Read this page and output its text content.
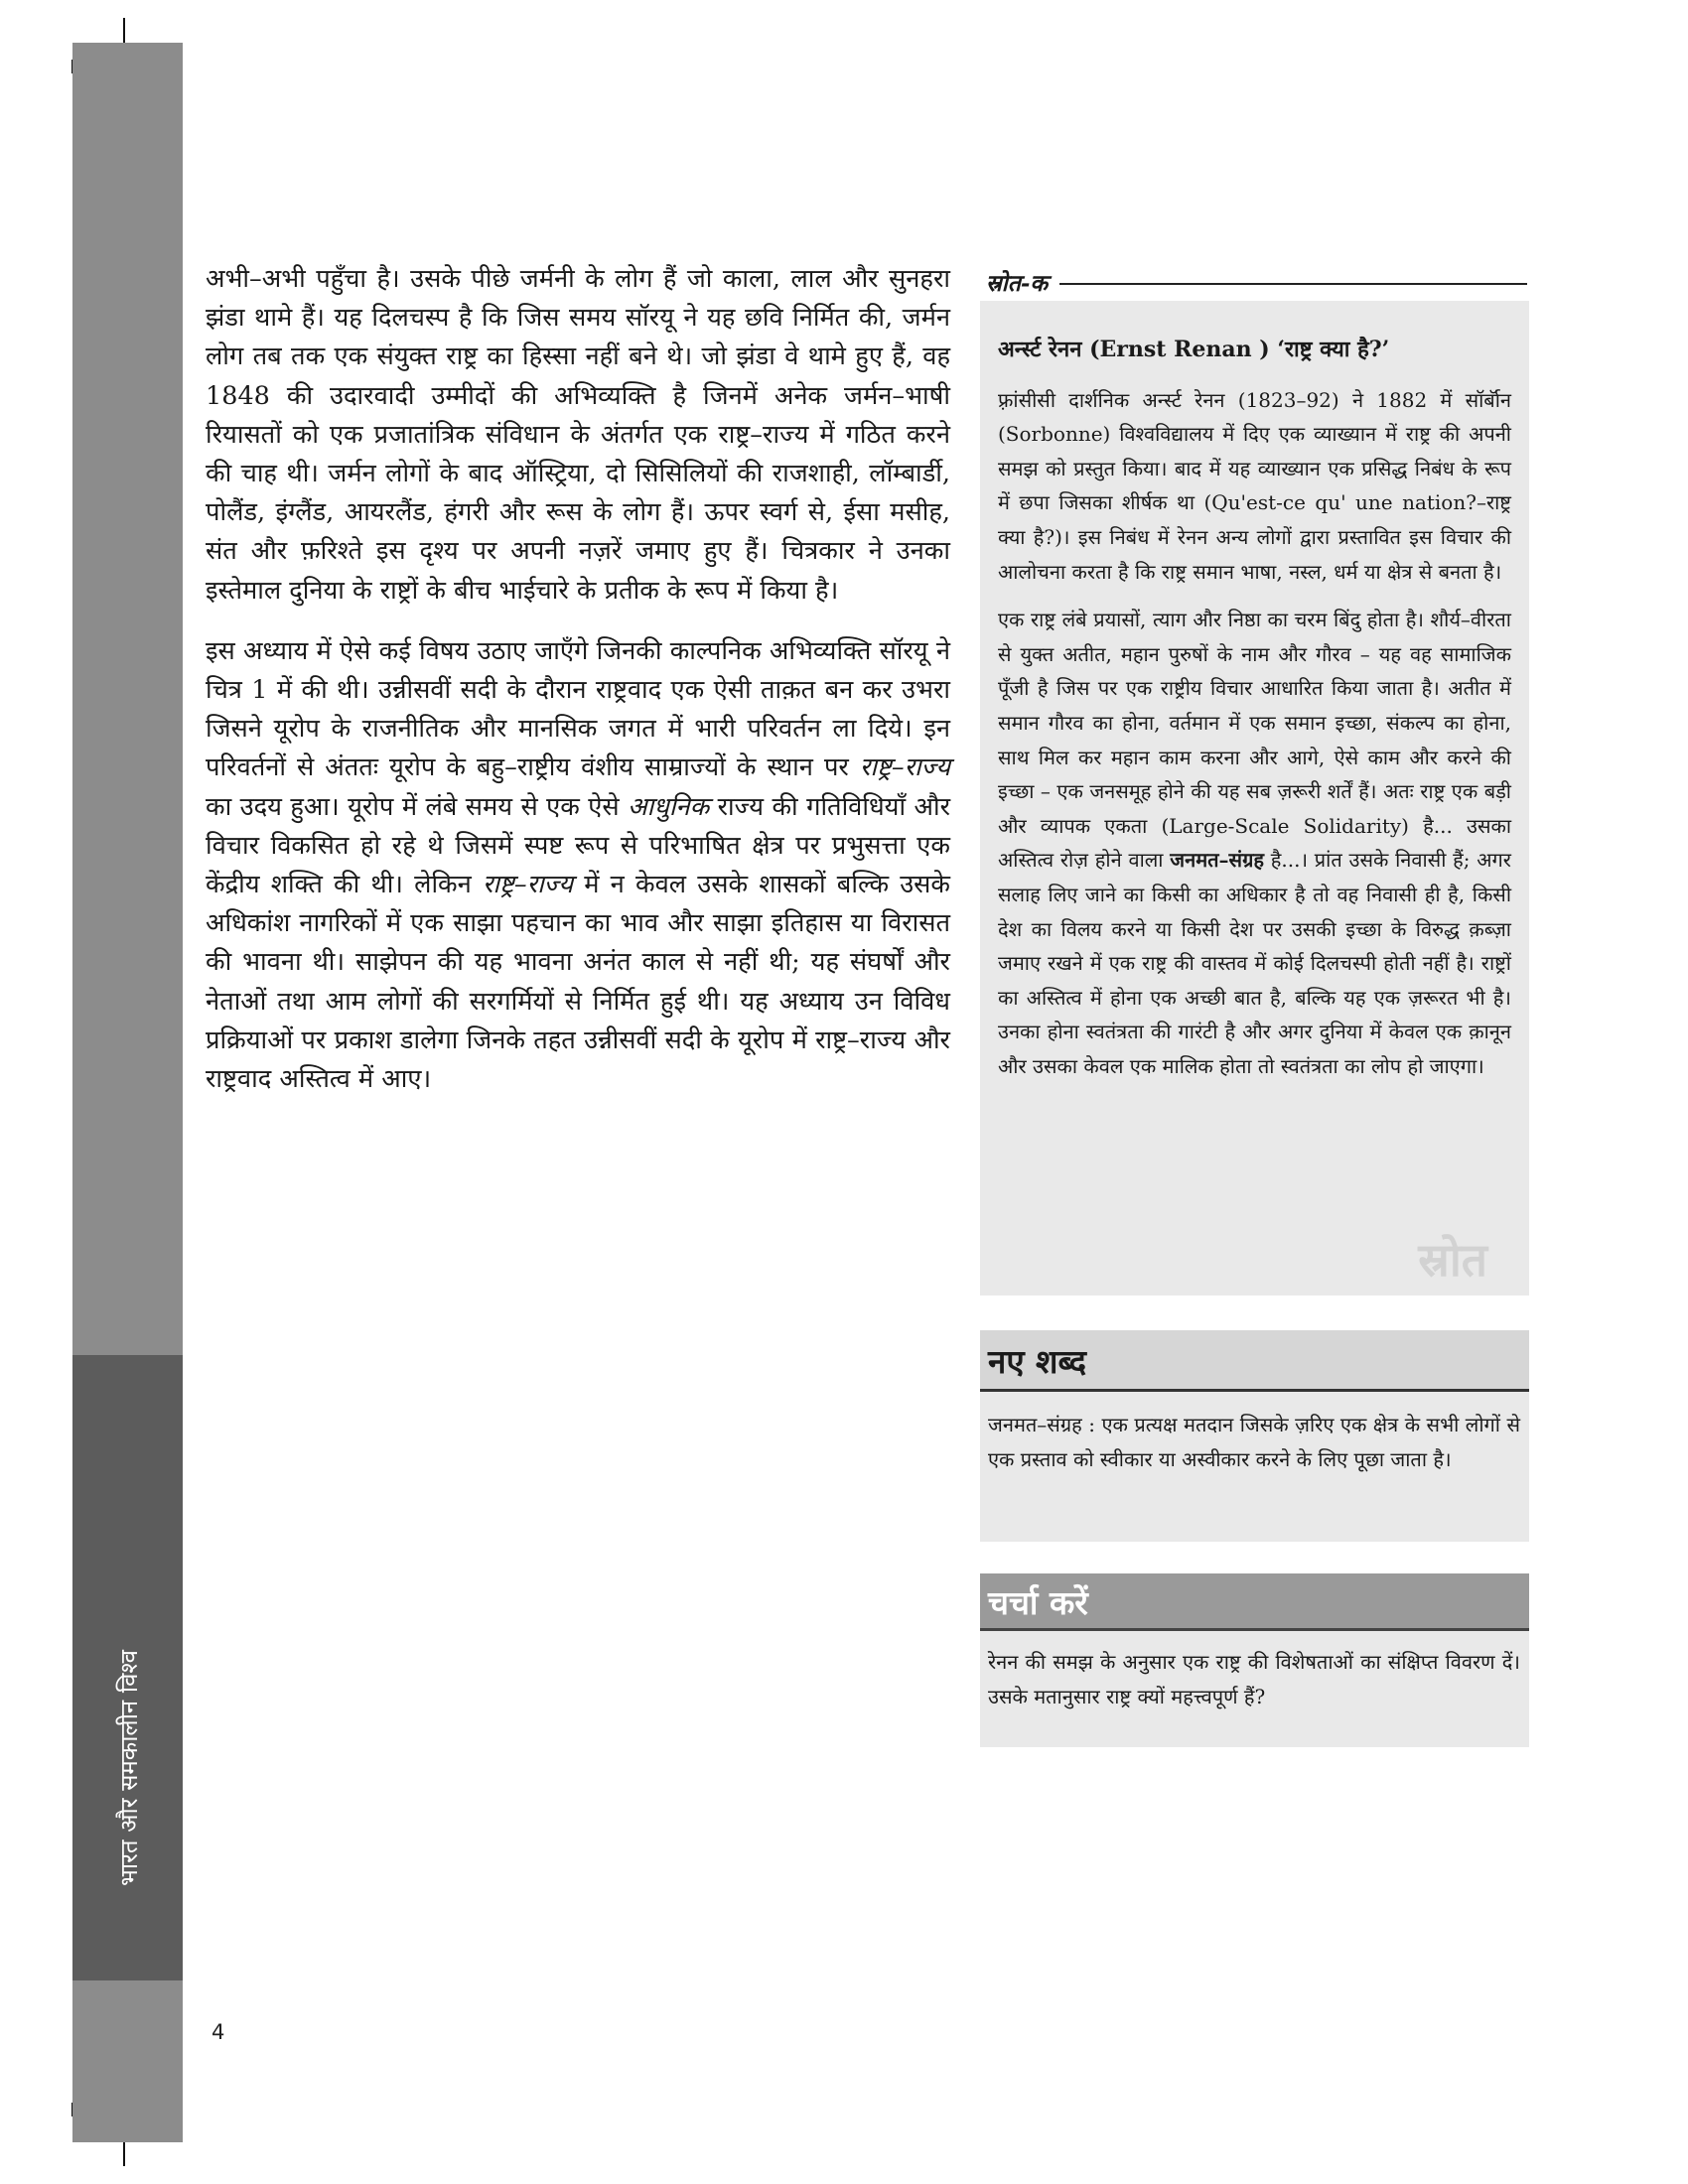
भारत और समकालीन विश्व
4

अभी–अभी पहुँचा है। उसके पीछे जर्मनी के लोग हैं जो काला, लाल और सुनहरा झंडा थामे हैं। यह दिलचस्प है कि जिस समय सॉरयू ने यह छवि निर्मित की, जर्मन लोग तब तक एक संयुक्त राष्ट्र का हिस्सा नहीं बने थे। जो झंडा वे थामे हुए हैं, वह 1848 की उदारवादी उम्मीदों की अभिव्यक्ति है जिनमें अनेक जर्मन–भाषी रियासतों को एक प्रजातांत्रिक संविधान के अंतर्गत एक राष्ट्र–राज्य में गठित करने की चाह थी। जर्मन लोगों के बाद ऑस्ट्रिया, दो सिसिलियों की राजशाही, लॉम्बार्डी, पोलैंड, इंग्लैंड, आयरलैंड, हंगरी और रूस के लोग हैं। ऊपर स्वर्ग से, ईसा मसीह, संत और फ़रिश्ते इस दृश्य पर अपनी नज़रें जमाए हुए हैं। चित्रकार ने उनका इस्तेमाल दुनिया के राष्ट्रों के बीच भाईचारे के प्रतीक के रूप में किया है।

इस अध्याय में ऐसे कई विषय उठाए जाएँगे जिनकी काल्पनिक अभिव्यक्ति सॉरयू ने चित्र 1 में की थी। उन्नीसवीं सदी के दौरान राष्ट्रवाद एक ऐसी ताक़त बन कर उभरा जिसने यूरोप के राजनीतिक और मानसिक जगत में भारी परिवर्तन ला दिये। इन परिवर्तनों से अंततः यूरोप के बहु–राष्ट्रीय वंशीय साम्राज्यों के स्थान पर राष्ट्र–राज्य का उदय हुआ। यूरोप में लंबे समय से एक ऐसे आधुनिक राज्य की गतिविधियाँ और विचार विकसित हो रहे थे जिसमें स्पष्ट रूप से परिभाषित क्षेत्र पर प्रभुसत्ता एक केंद्रीय शक्ति की थी। लेकिन राष्ट्र–राज्य में न केवल उसके शासकों बल्कि उसके अधिकांश नागरिकों में एक साझा पहचान का भाव और साझा इतिहास या विरासत की भावना थी। साझेपन की यह भावना अनंत काल से नहीं थी; यह संघर्षों और नेताओं तथा आम लोगों की सरगर्मियों से निर्मित हुई थी। यह अध्याय उन विविध प्रक्रियाओं पर प्रकाश डालेगा जिनके तहत उन्नीसवीं सदी के यूरोप में राष्ट्र–राज्य और राष्ट्रवाद अस्तित्व में आए।

स्रोत-क
अर्न्स्ट रेनन (Ernst Renan ) ‘राष्ट्र क्या है?’

फ़्रांसीसी दार्शनिक अर्न्स्ट रेनन (1823–92) ने 1882 में सॉर्बॉन (Sorbonne) विश्वविद्यालय में दिए एक व्याख्यान में राष्ट्र की अपनी समझ को प्रस्तुत किया। बाद में यह व्याख्यान एक प्रसिद्ध निबंध के रूप में छपा जिसका शीर्षक था (Qu'est-ce qu' une nation?–राष्ट्र क्या है?)। इस निबंध में रेनन अन्य लोगों द्वारा प्रस्तावित इस विचार की आलोचना करता है कि राष्ट्र समान भाषा, नस्ल, धर्म या क्षेत्र से बनता है।

एक राष्ट्र लंबे प्रयासों, त्याग और निष्ठा का चरम बिंदु होता है। शौर्य–वीरता से युक्त अतीत, महान पुरुषों के नाम और गौरव – यह वह सामाजिक पूँजी है जिस पर एक राष्ट्रीय विचार आधारित किया जाता है। अतीत में समान गौरव का होना, वर्तमान में एक समान इच्छा, संकल्प का होना, साथ मिल कर महान काम करना और आगे, ऐसे काम और करने की इच्छा – एक जनसमूह होने की यह सब ज़रूरी शर्तें हैं। अतः राष्ट्र एक बड़ी और व्यापक एकता (Large-Scale Solidarity) है... उसका अस्तित्व रोज़ होने वाला जनमत–संग्रह है...। प्रांत उसके निवासी हैं; अगर सलाह लिए जाने का किसी का अधिकार है तो वह निवासी ही है, किसी देश का विलय करने या किसी देश पर उसकी इच्छा के विरुद्ध क़ब्ज़ा जमाए रखने में एक राष्ट्र की वास्तव में कोई दिलचस्पी होती नहीं है। राष्ट्रों का अस्तित्व में होना एक अच्छी बात है, बल्कि यह एक ज़रूरत भी है। उनका होना स्वतंत्रता की गारंटी है और अगर दुनिया में केवल एक क़ानून और उसका केवल एक मालिक होता तो स्वतंत्रता का लोप हो जाएगा।

स्रोत
नए शब्द
जनमत–संग्रह : एक प्रत्यक्ष मतदान जिसके ज़रिए एक क्षेत्र के सभी लोगों से एक प्रस्ताव को स्वीकार या अस्वीकार करने के लिए पूछा जाता है।
चर्चा करें
रेनन की समझ के अनुसार एक राष्ट्र की विशेषताओं का संक्षिप्त विवरण दें। उसके मतानुसार राष्ट्र क्यों महत्त्वपूर्ण हैं?
